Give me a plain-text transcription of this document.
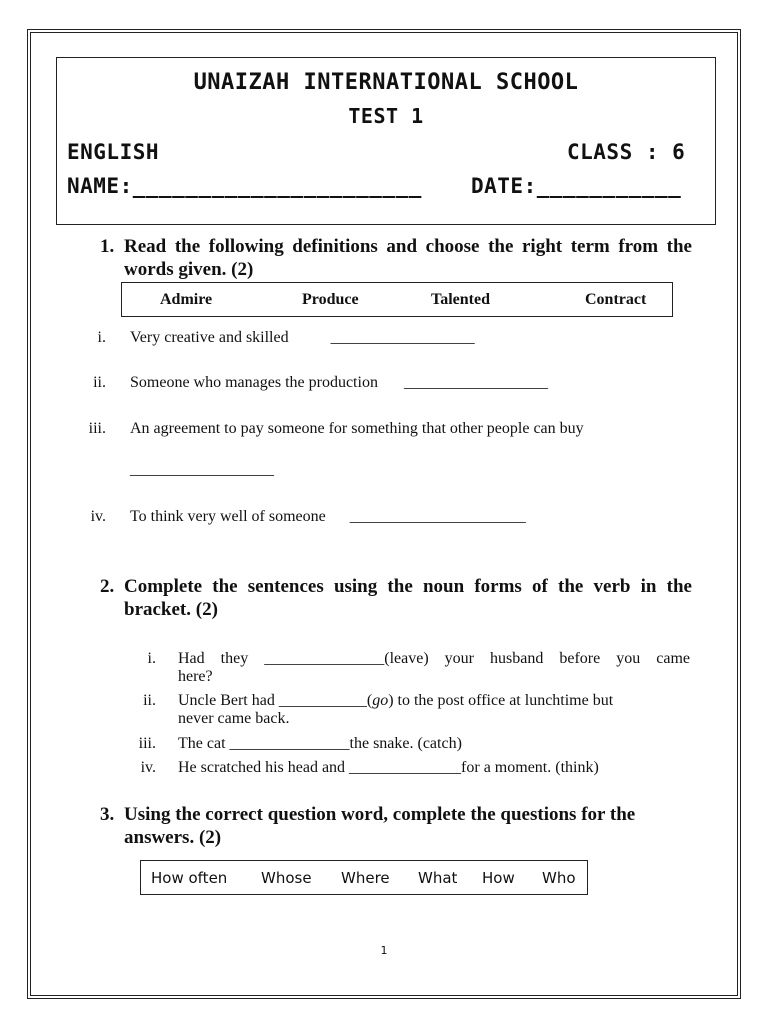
UNAIZAH INTERNATIONAL SCHOOL
TEST 1
ENGLISH	CLASS : 6
NAME:______________________ DATE:___________
1. Read the following definitions and choose the right term from the
words given. (2)
Admire	Produce	Talented	Contract
i. Very creative and skilled	__________________
ii. Someone who manages the production __________________
iii. An agreement to pay someone for something that other people can buy
__________________
iv. To think very well of someone ______________________
2. Complete the sentences using the noun forms of the verb in the
bracket. (2)
i. Had they _______________(leave) your husband before you came
here?
ii. Uncle Bert had ___________(go) to the post office at lunchtime but
never came back.
iii. The cat _______________the snake. (catch)
iv. He scratched his head and ______________for a moment. (think)
3. Using the correct question word, complete the questions for the
answers. (2)
How often Whose Where What How Who
1
